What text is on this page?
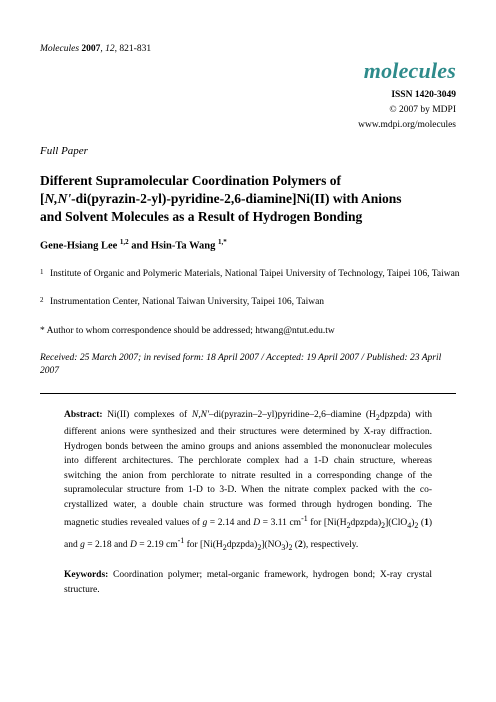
Molecules 2007, 12, 821-831
molecules
ISSN 1420-3049
© 2007 by MDPI
www.mdpi.org/molecules
Full Paper
Different Supramolecular Coordination Polymers of
[N,N'-di(pyrazin-2-yl)-pyridine-2,6-diamine]Ni(II) with Anions
and Solvent Molecules as a Result of Hydrogen Bonding
Gene-Hsiang Lee $^{1,2}$ and Hsin-Ta Wang $^{1,*}$
1 Institute of Organic and Polymeric Materials, National Taipei University of Technology, Taipei 106, Taiwan
2 Instrumentation Center, National Taiwan University, Taipei 106, Taiwan
* Author to whom correspondence should be addressed; htwang@ntut.edu.tw
Received: 25 March 2007; in revised form: 18 April 2007 / Accepted: 19 April 2007 / Published: 23 April 2007
Abstract: Ni(II) complexes of N,N'–di(pyrazin–2–yl)pyridine–2,6–diamine $(H_2dpzpda)$ with different anions were synthesized and their structures were determined by X-ray diffraction. Hydrogen bonds between the amino groups and anions assembled the mononuclear molecules into different architectures. The perchlorate complex had a 1-D chain structure, whereas switching the anion from perchlorate to nitrate resulted in a corresponding change of the supramolecular structure from 1-D to 3-D. When the nitrate complex packed with the co-crystallized water, a double chain structure was formed through hydrogen bonding. The magnetic studies revealed values of g = 2.14 and D = 3.11 $cm^{-1}$ for $[Ni(H_2dpzpda)_2](ClO_4)_2$ (1) and g = 2.18 and D = 2.19 $cm^{-1}$ for $[Ni(H_2dpzpda)_2](NO_3)_2$ (2), respectively.
Keywords: Coordination polymer; metal-organic framework, hydrogen bond; X-ray crystal structure.
